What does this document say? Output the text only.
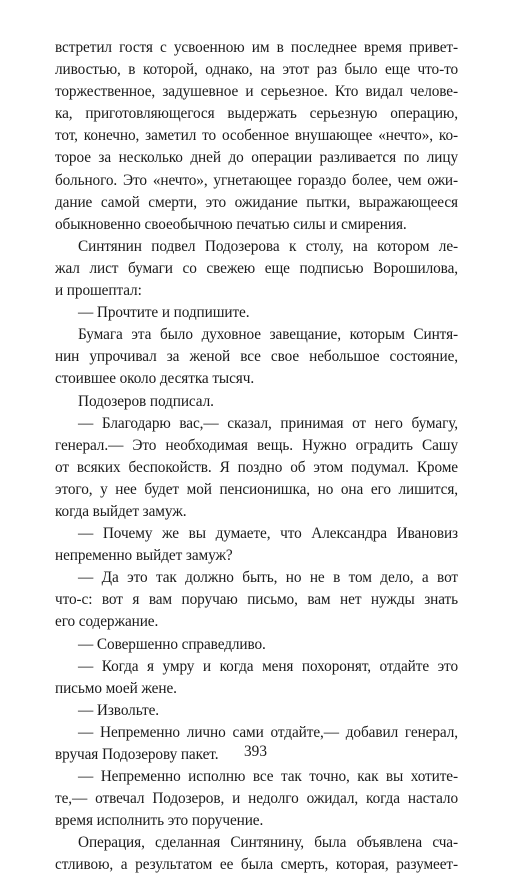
встретил гостя с усвоенною им в последнее время привет-
ливостью, в которой, однако, на этот раз было еще что-то
торжественное, задушевное и серьезное. Кто видал челове-
ка, приготовляющегося выдержать серьезную операцию,
тот, конечно, заметил то особенное внушающее «нечто», ко-
торое за несколько дней до операции разливается по лицу
больного. Это «нечто», угнетающее гораздо более, чем ожи-
дание самой смерти, это ожидание пытки, выражающееся
обыкновенно своеобычною печатью силы и смирения.
Синтянин подвел Подозерова к столу, на котором ле-
жал лист бумаги со свежею еще подписью Ворошилова,
и прошептал:
— Прочтите и подпишите.
Бумага эта было духовное завещание, которым Синтя-
нин упрочивал за женой все свое небольшое состояние,
стоившее около десятка тысяч.
Подозеров подписал.
— Благодарю вас,— сказал, принимая от него бумагу,
генерал.— Это необходимая вещь. Нужно оградить Сашу
от всяких беспокойств. Я поздно об этом подумал. Кроме
этого, у нее будет мой пенсионишка, но она его лишится,
когда выйдет замуж.
— Почему же вы думаете, что Александра Ивановиз
непременно выйдет замуж?
— Да это так должно быть, но не в том дело, а вот
что-с: вот я вам поручаю письмо, вам нет нужды знать
его содержание.
— Совершенно справедливо.
— Когда я умру и когда меня похоронят, отдайте это
письмо моей жене.
— Извольте.
— Непременно лично сами отдайте,— добавил генерал,
вручая Подозерову пакет.
— Непременно исполню все так точно, как вы хотите-
те,— отвечал Подозеров, и недолго ожидал, когда настало
время исполнить это поручение.
Операция, сделанная Синтянину, была объявлена сча-
стливою, а результатом ее была смерть, которая, разумеет-
393
